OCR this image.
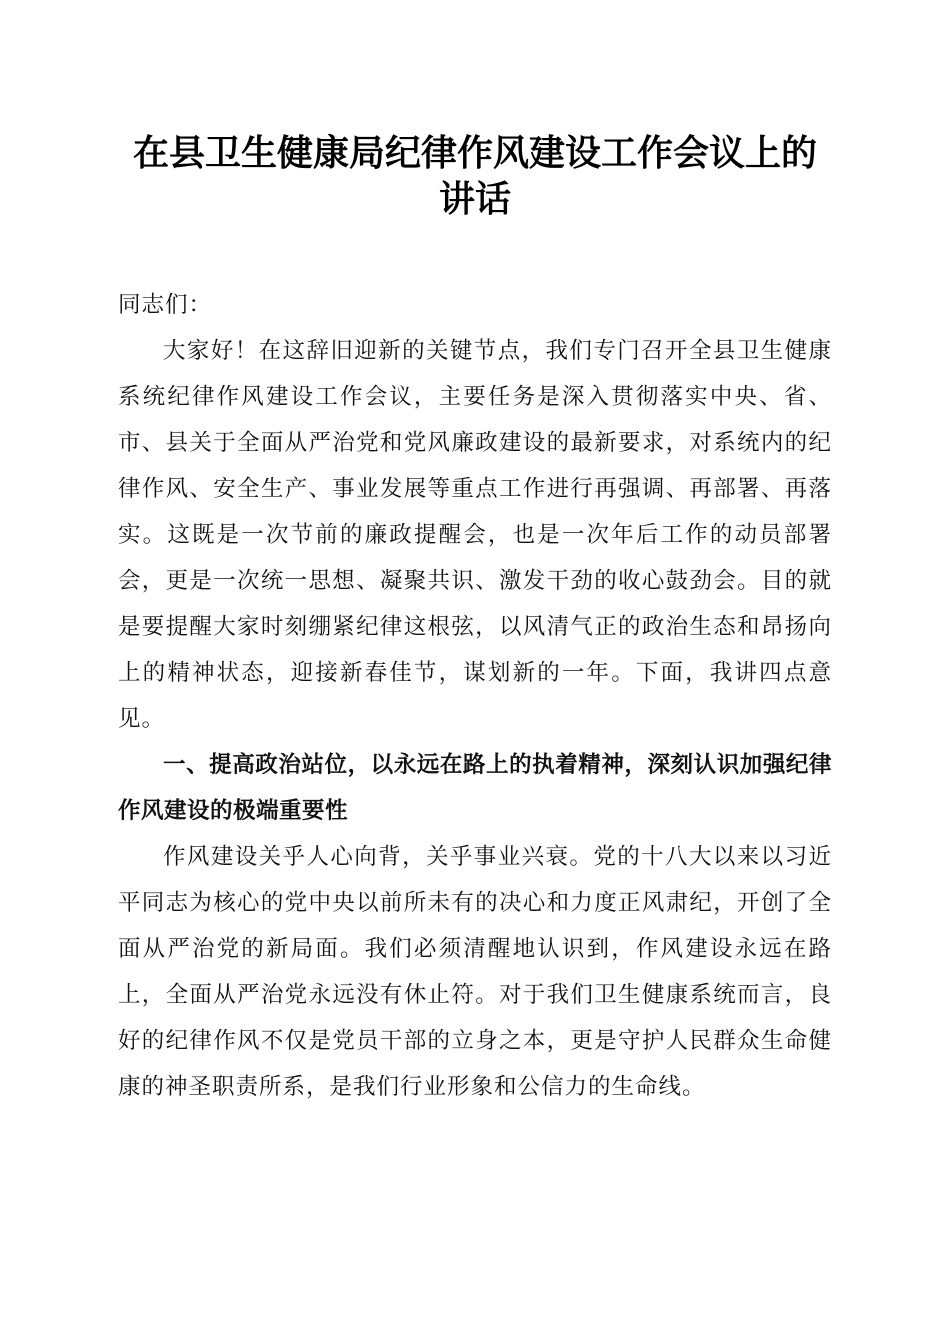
在县卫生健康局纪律作风建设工作会议上的讲话

同志们：

大家好！在这辞旧迎新的关键节点，我们专门召开全县卫生健康系统纪律作风建设工作会议，主要任务是深入贯彻落实中央、省、市、县关于全面从严治党和党风廉政建设的最新要求，对系统内的纪律作风、安全生产、事业发展等重点工作进行再强调、再部署、再落实。这既是一次节前的廉政提醒会，也是一次年后工作的动员部署会，更是一次统一思想、凝聚共识、激发干劲的收心鼓劲会。目的就是要提醒大家时刻绷紧纪律这根弦，以风清气正的政治生态和昂扬向上的精神状态，迎接新春佳节，谋划新的一年。下面，我讲四点意见。

一、提高政治站位，以永远在路上的执着精神，深刻认识加强纪律作风建设的极端重要性

作风建设关乎人心向背，关乎事业兴衰。党的十八大以来以习近平同志为核心的党中央以前所未有的决心和力度正风肃纪，开创了全面从严治党的新局面。我们必须清醒地认识到，作风建设永远在路上，全面从严治党永远没有休止符。对于我们卫生健康系统而言，良好的纪律作风不仅是党员干部的立身之本，更是守护人民群众生命健康的神圣职责所系，是我们行业形象和公信力的生命线。
